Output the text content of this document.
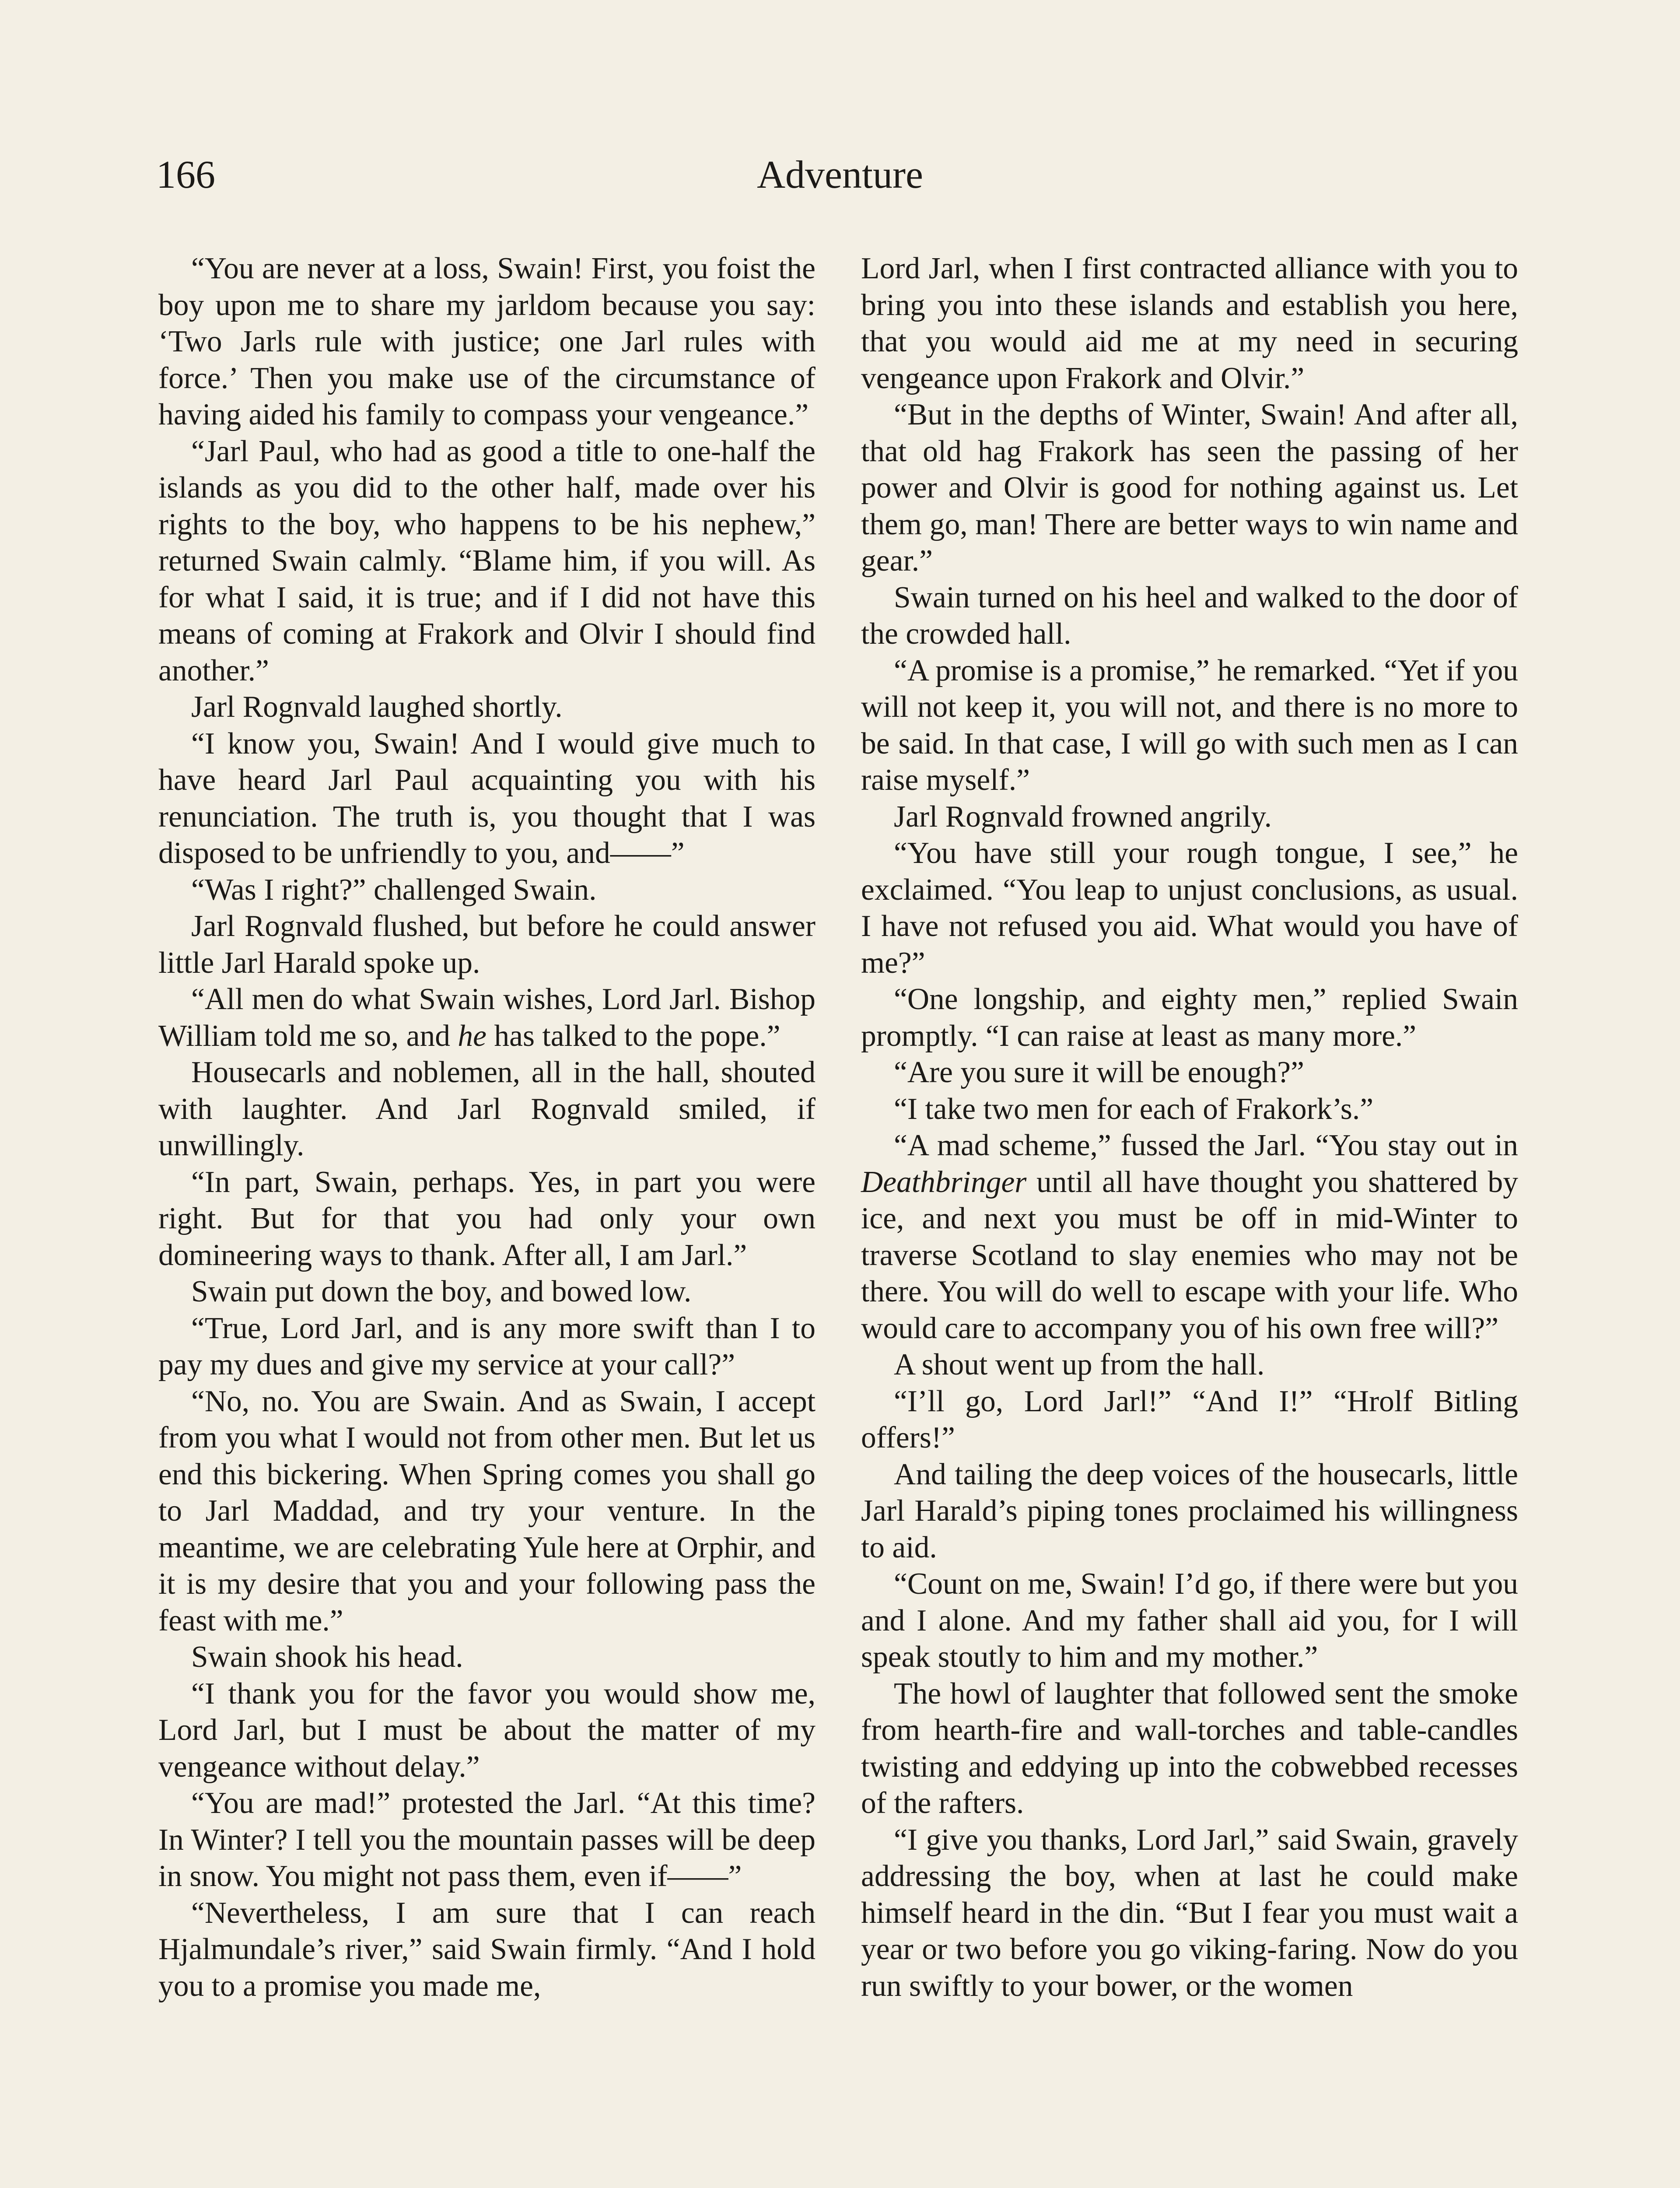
166	Adventure

“You are never at a loss, Swain! First, you foist the boy upon me to share my jarldom because you say: ‘Two Jarls rule with justice; one Jarl rules with force.’ Then you make use of the circumstance of having aided his family to compass your vengeance.”

“Jarl Paul, who had as good a title to one-half the islands as you did to the other half, made over his rights to the boy, who happens to be his nephew,” returned Swain calmly. “Blame him, if you will. As for what I said, it is true; and if I did not have this means of coming at Frakork and Olvir I should find another.”

Jarl Rognvald laughed shortly.

“I know you, Swain! And I would give much to have heard Jarl Paul acquainting you with his renunciation. The truth is, you thought that I was disposed to be unfriendly to you, and——”

“Was I right?” challenged Swain.

Jarl Rognvald flushed, but before he could answer little Jarl Harald spoke up.

“All men do what Swain wishes, Lord Jarl. Bishop William told me so, and he has talked to the pope.”

Housecarls and noblemen, all in the hall, shouted with laughter. And Jarl Rognvald smiled, if unwillingly.

“In part, Swain, perhaps. Yes, in part you were right. But for that you had only your own domineering ways to thank. After all, I am Jarl.”

Swain put down the boy, and bowed low.

“True, Lord Jarl, and is any more swift than I to pay my dues and give my service at your call?”

“No, no. You are Swain. And as Swain, I accept from you what I would not from other men. But let us end this bickering. When Spring comes you shall go to Jarl Maddad, and try your venture. In the meantime, we are celebrating Yule here at Orphir, and it is my desire that you and your following pass the feast with me.”

Swain shook his head.

“I thank you for the favor you would show me, Lord Jarl, but I must be about the matter of my vengeance without delay.”

“You are mad!” protested the Jarl. “At this time? In Winter? I tell you the mountain passes will be deep in snow. You might not pass them, even if——”

“Nevertheless, I am sure that I can reach Hjalmundale’s river,” said Swain firmly. “And I hold you to a promise you made me,

Lord Jarl, when I first contracted alliance with you to bring you into these islands and establish you here, that you would aid me at my need in securing vengeance upon Frakork and Olvir.”

“But in the depths of Winter, Swain! And after all, that old hag Frakork has seen the passing of her power and Olvir is good for nothing against us. Let them go, man! There are better ways to win name and gear.”

Swain turned on his heel and walked to the door of the crowded hall.

“A promise is a promise,” he remarked. “Yet if you will not keep it, you will not, and there is no more to be said. In that case, I will go with such men as I can raise myself.”

Jarl Rognvald frowned angrily.

“You have still your rough tongue, I see,” he exclaimed. “You leap to unjust conclusions, as usual. I have not refused you aid. What would you have of me?”

“One longship, and eighty men,” replied Swain promptly. “I can raise at least as many more.”

“Are you sure it will be enough?”

“I take two men for each of Frakork’s.”

“A mad scheme,” fussed the Jarl. “You stay out in Deathbringer until all have thought you shattered by ice, and next you must be off in mid-Winter to traverse Scotland to slay enemies who may not be there. You will do well to escape with your life. Who would care to accompany you of his own free will?”

A shout went up from the hall.

“I’ll go, Lord Jarl!” “And I!” “Hrolf Bitling offers!”

And tailing the deep voices of the housecarls, little Jarl Harald’s piping tones proclaimed his willingness to aid.

“Count on me, Swain! I’d go, if there were but you and I alone. And my father shall aid you, for I will speak stoutly to him and my mother.”

The howl of laughter that followed sent the smoke from hearth-fire and wall-torches and table-candles twisting and eddying up into the cobwebbed recesses of the rafters.

“I give you thanks, Lord Jarl,” said Swain, gravely addressing the boy, when at last he could make himself heard in the din. “But I fear you must wait a year or two before you go viking-faring. Now do you run swiftly to your bower, or the women
